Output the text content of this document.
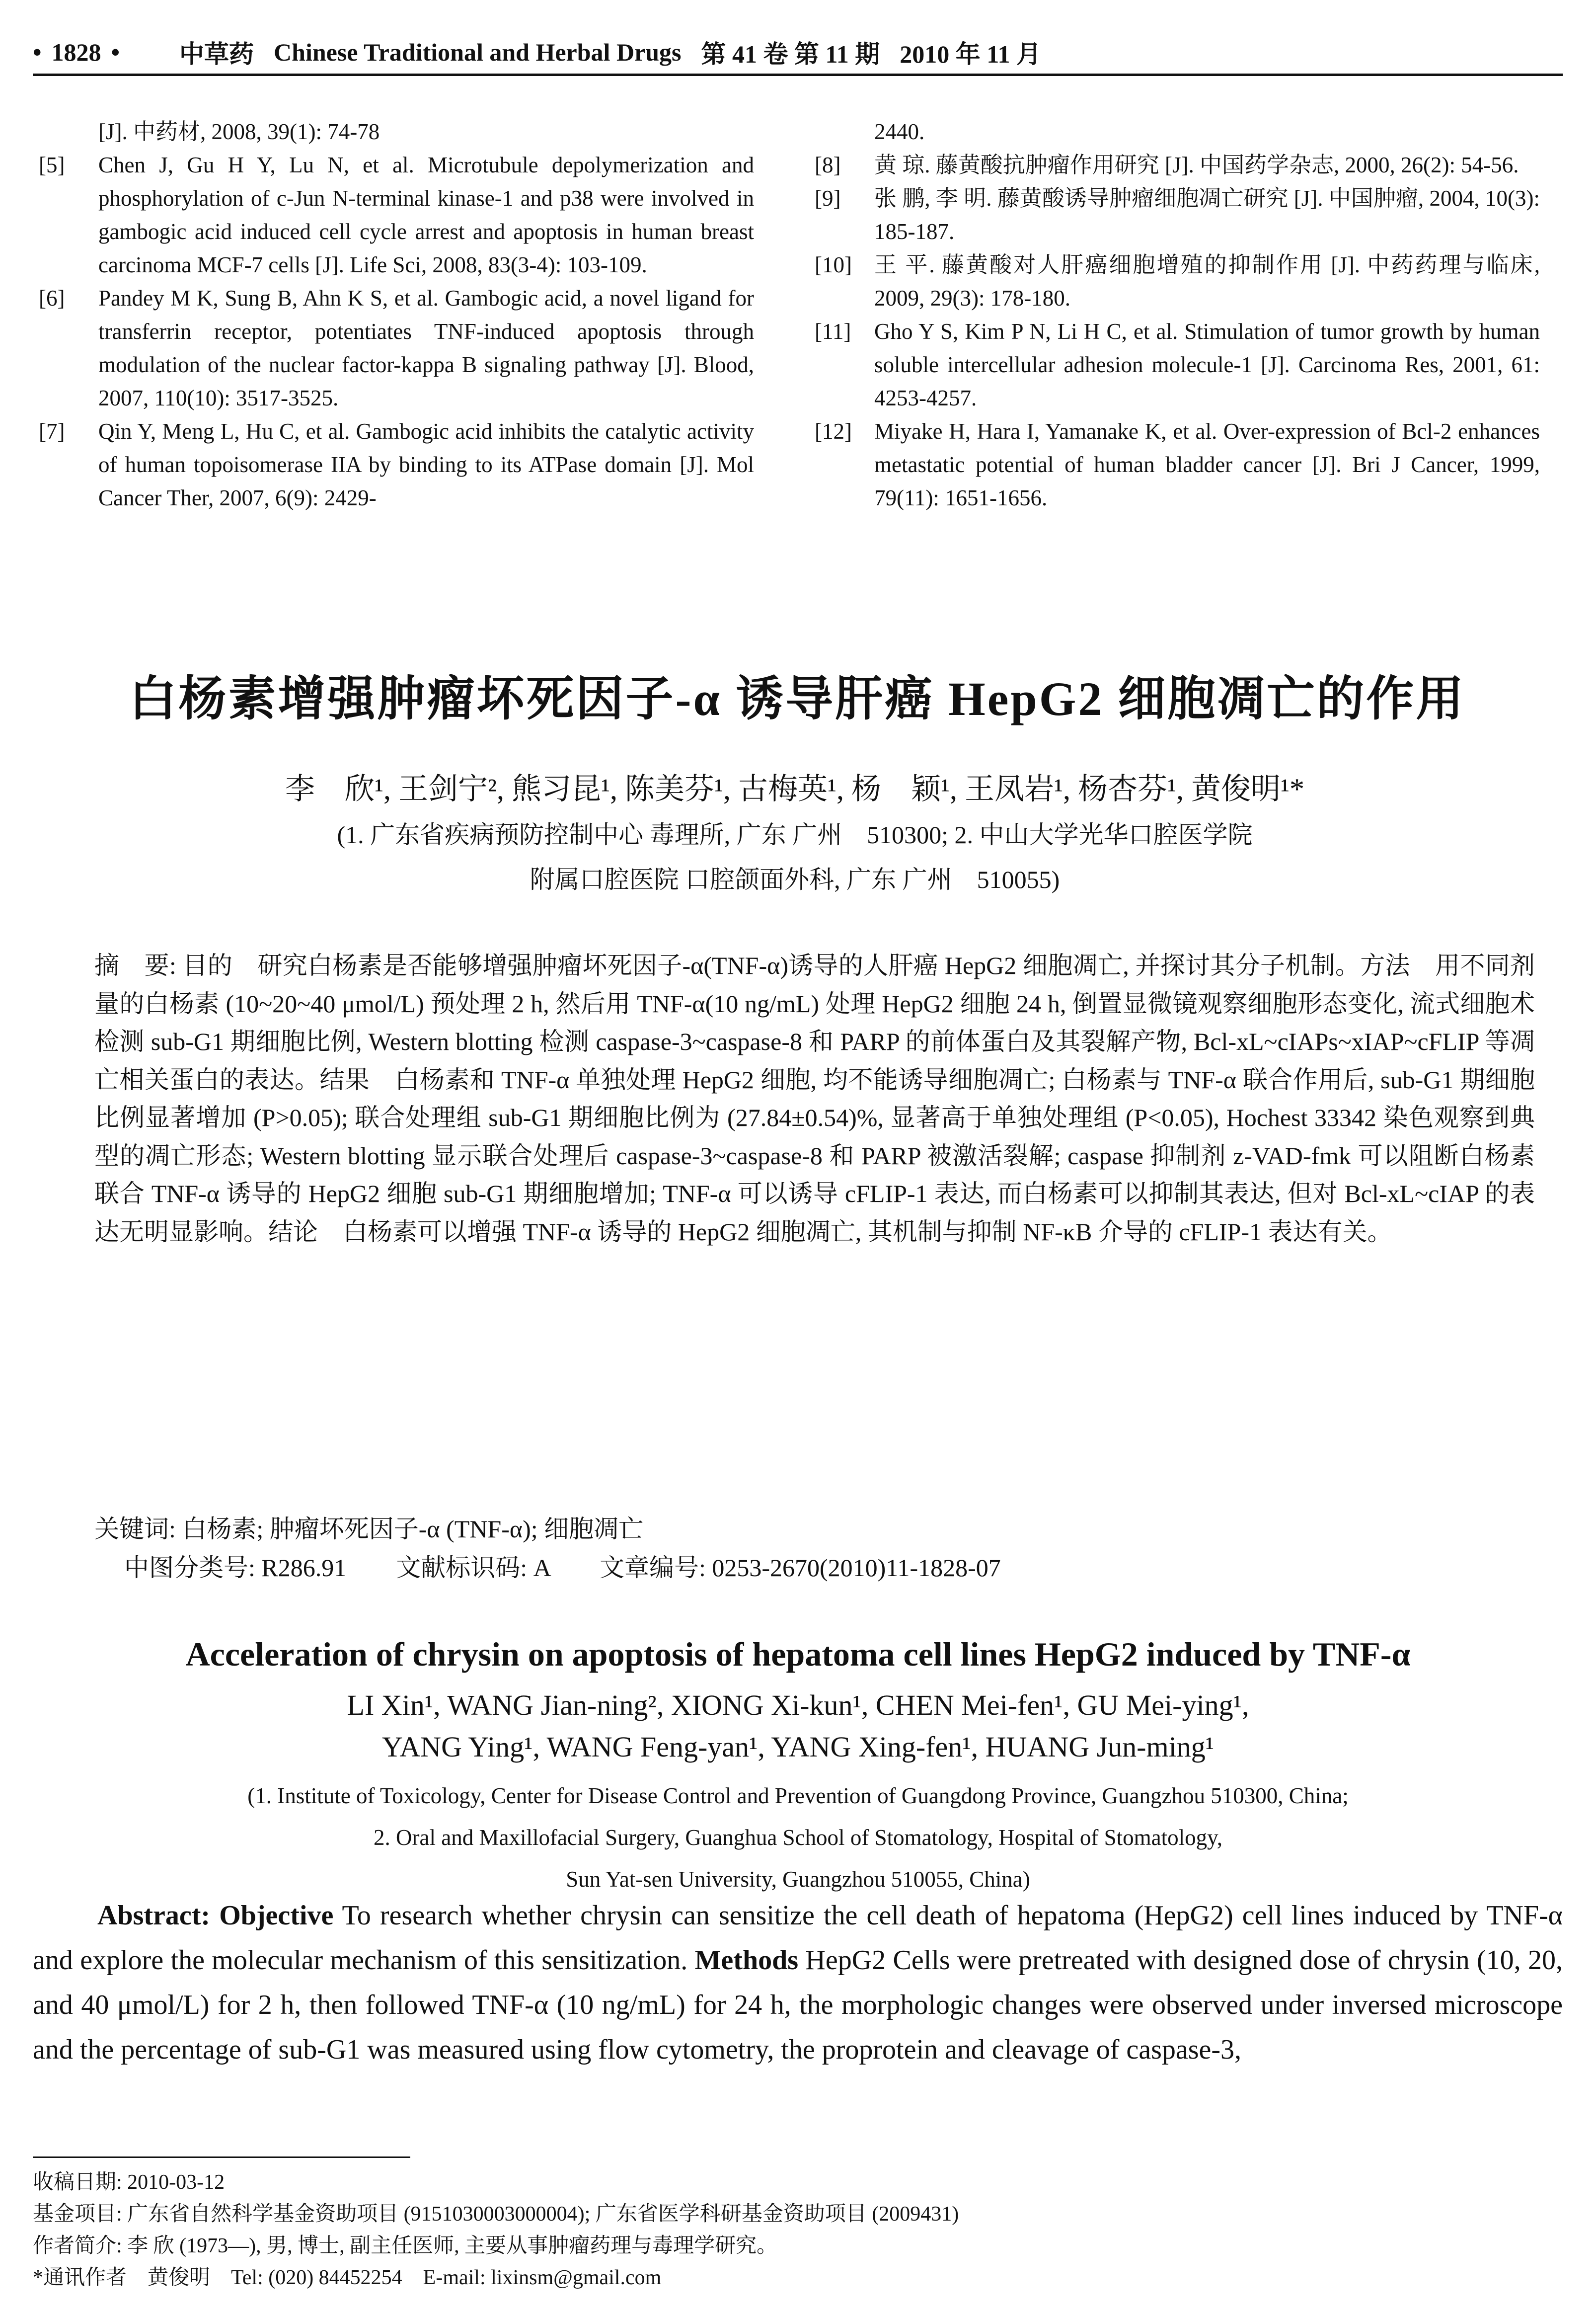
• 1828 • 中草药 Chinese Traditional and Herbal Drugs 第 41 卷 第 11 期 2010 年 11 月
[J]. 中药材, 2008, 39(1): 74-78
[5]	Chen J, Gu H Y, Lu N, et al. Microtubule depolymerization and phosphorylation of c-Jun N-terminal kinase-1 and p38 were involved in gambogic acid induced cell cycle arrest and apoptosis in human breast carcinoma MCF-7 cells [J]. Life Sci, 2008, 83(3-4): 103-109.
[6]	Pandey M K, Sung B, Ahn K S, et al. Gambogic acid, a novel ligand for transferrin receptor, potentiates TNF-induced apoptosis through modulation of the nuclear factor-kappa B signaling pathway [J]. Blood, 2007, 110(10): 3517-3525.
[7]	Qin Y, Meng L, Hu C, et al. Gambogic acid inhibits the catalytic activity of human topoisomerase IIA by binding to its ATPase domain [J]. Mol Cancer Ther, 2007, 6(9): 2429-
2440.
[8]	黄 琼. 藤黄酸抗肿瘤作用研究 [J]. 中国药学杂志, 2000, 26(2): 54-56.
[9]	张 鹏, 李 明. 藤黄酸诱导肿瘤细胞凋亡研究 [J]. 中国肿瘤, 2004, 10(3): 185-187.
[10]	王 平. 藤黄酸对人肝癌细胞增殖的抑制作用 [J]. 中药药理与临床, 2009, 29(3): 178-180.
[11]	Gho Y S, Kim P N, Li H C, et al. Stimulation of tumor growth by human soluble intercellular adhesion molecule-1 [J]. Carcinoma Res, 2001, 61: 4253-4257.
[12]	Miyake H, Hara I, Yamanake K, et al. Over-expression of Bcl-2 enhances metastatic potential of human bladder cancer [J]. Bri J Cancer, 1999, 79(11): 1651-1656.
白杨素增强肿瘤坏死因子-α 诱导肝癌 HepG2 细胞凋亡的作用
李　欣¹, 王剑宁², 熊习昆¹, 陈美芬¹, 古梅英¹, 杨　颖¹, 王凤岩¹, 杨杏芬¹, 黄俊明¹*
(1. 广东省疾病预防控制中心 毒理所, 广东 广州　510300; 2. 中山大学光华口腔医学院
附属口腔医院 口腔颌面外科, 广东 广州　510055)
摘　要: 目的　研究白杨素是否能够增强肿瘤坏死因子-α(TNF-α)诱导的人肝癌 HepG2 细胞凋亡, 并探讨其分子机制。方法　用不同剂量的白杨素 (10~20~40 μmol/L) 预处理 2 h, 然后用 TNF-α(10 ng/mL) 处理 HepG2 细胞 24 h, 倒置显微镜观察细胞形态变化, 流式细胞术检测 sub-G1 期细胞比例, Western blotting 检测 caspase-3~caspase-8 和 PARP 的前体蛋白及其裂解产物, Bcl-xL~cIAPs~xIAP~cFLIP 等凋亡相关蛋白的表达。结果　白杨素和 TNF-α 单独处理 HepG2 细胞, 均不能诱导细胞凋亡; 白杨素与 TNF-α 联合作用后, sub-G1 期细胞比例显著增加 (P>0.05); 联合处理组 sub-G1 期细胞比例为 (27.84±0.54)%, 显著高于单独处理组 (P<0.05), Hochest 33342 染色观察到典型的凋亡形态; Western blotting 显示联合处理后 caspase-3~caspase-8 和 PARP 被激活裂解; caspase 抑制剂 z-VAD-fmk 可以阻断白杨素联合 TNF-α 诱导的 HepG2 细胞 sub-G1 期细胞增加; TNF-α 可以诱导 cFLIP-1 表达, 而白杨素可以抑制其表达, 但对 Bcl-xL~cIAP 的表达无明显影响。结论　白杨素可以增强 TNF-α 诱导的 HepG2 细胞凋亡, 其机制与抑制 NF-κB 介导的 cFLIP-1 表达有关。
关键词: 白杨素; 肿瘤坏死因子-α (TNF-α); 细胞凋亡
中图分类号: R286.91　　文献标识码: A　　文章编号: 0253-2670(2010)11-1828-07
Acceleration of chrysin on apoptosis of hepatoma cell lines HepG2 induced by TNF-α
LI Xin¹, WANG Jian-ning², XIONG Xi-kun¹, CHEN Mei-fen¹, GU Mei-ying¹,
YANG Ying¹, WANG Feng-yan¹, YANG Xing-fen¹, HUANG Jun-ming¹
(1. Institute of Toxicology, Center for Disease Control and Prevention of Guangdong Province, Guangzhou 510300, China;
2. Oral and Maxillofacial Surgery, Guanghua School of Stomatology, Hospital of Stomatology,
Sun Yat-sen University, Guangzhou 510055, China)
Abstract: Objective To research whether chrysin can sensitize the cell death of hepatoma (HepG2) cell lines induced by TNF-α and explore the molecular mechanism of this sensitization. Methods HepG2 Cells were pretreated with designed dose of chrysin (10, 20, and 40 μmol/L) for 2 h, then followed TNF-α (10 ng/mL) for 24 h, the morphologic changes were observed under inversed microscope and the percentage of sub-G1 was measured using flow cytometry, the proprotein and cleavage of caspase-3,
收稿日期: 2010-03-12
基金项目: 广东省自然科学基金资助项目 (9151030003000004); 广东省医学科研基金资助项目 (2009431)
作者简介: 李 欣 (1973—), 男, 博士, 副主任医师, 主要从事肿瘤药理与毒理学研究。
*通讯作者　黄俊明　Tel: (020) 84452254　E-mail: lixinsm@gmail.com
